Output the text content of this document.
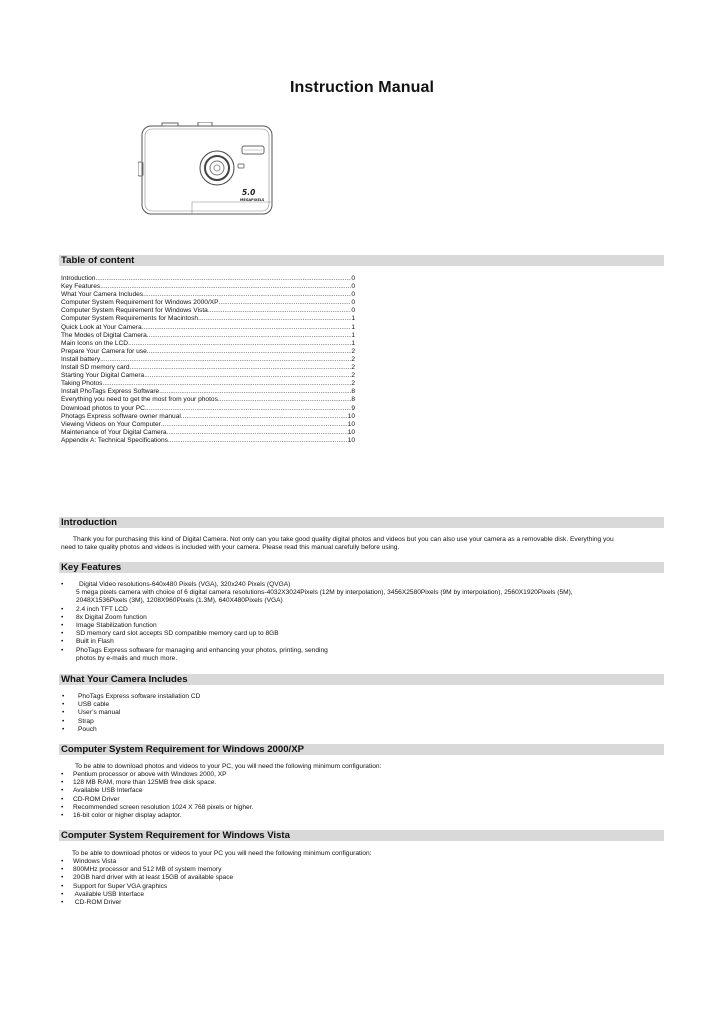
Instruction Manual
5.0
MEGAPIXELS
Table of content
Introduction .....	0
Key Features .....	0
What Your Camera Includes .....	0
Computer System Requirement for Windows 2000/XP .....	0
Computer System Requirement for Windows Vista .....	0
Computer System Requirements for Macintosh .....	1
Quick Look at Your Camera .....	1
The Modes of Digital Camera .....	1
Main Icons on the LCD .....	1
Prepare Your Camera for use .....	2
Install battery .....	2
Install SD memory card .....	2
Starting Your Digital Camera .....	2
Taking Photos .....	2
Install PhoTags Express Software .....	8
Everything you need to get the most from your photos .....	8
Download photos to your PC .....	9
Photags Express software owner manual .....	10
Viewing Videos on Your Computer .....	10
Maintenance of Your Digital Camera .....	10
Appendix A: Technical Specifications .....	10
Introduction
Thank you for purchasing this kind of Digital Camera. Not only can you take good quality digital photos and videos but you can also use your camera as a removable disk. Everything you
need to take quality photos and videos is included with your camera. Please read this manual carefully before using.
Key Features
•	Digital Video resolutions-640x480 Pixels (VGA), 320x240 Pixels (QVGA)
5 mega pixels camera with choice of 6 digital camera resolutions-4032X3024Pixels (12M by interpolation), 3456X2580Pixels (9M by interpolation), 2560X1920Pixels (5M),
2048X1536Pixels (3M), 1208X960Pixels (1.3M), 640X480Pixels (VGA)
• 2.4 inch TFT LCD
• 8x Digital Zoom function
• Image Stabilization function
• SD memory card slot accepts SD compatible memory card up to 8GB
• Built in Flash
• PhoTags Express software for managing and enhancing your photos, printing, sending
photos by e-mails and much more.
What Your Camera Includes
• PhoTags Express software installation CD
• USB cable
• User’s manual
• Strap
• Pouch
Computer System Requirement for Windows 2000/XP
To be able to download photos and videos to your PC, you will need the following minimum configuration:
• Pentium processor or above with Windows 2000, XP
• 128 MB RAM, more than 125MB free disk space.
• Available USB Interface
• CD-ROM Driver
• Recommended screen resolution 1024 X 768 pixels or higher.
• 16-bit color or higher display adaptor.
Computer System Requirement for Windows Vista
To be able to download photos or videos to your PC you will need the following minimum configuration:
• Windows Vista
• 800MHz processor and 512 MB of system memory
• 20GB hard driver with at least 15GB of available space
• Support for Super VGA graphics
• Available USB Interface
• CD-ROM Driver
